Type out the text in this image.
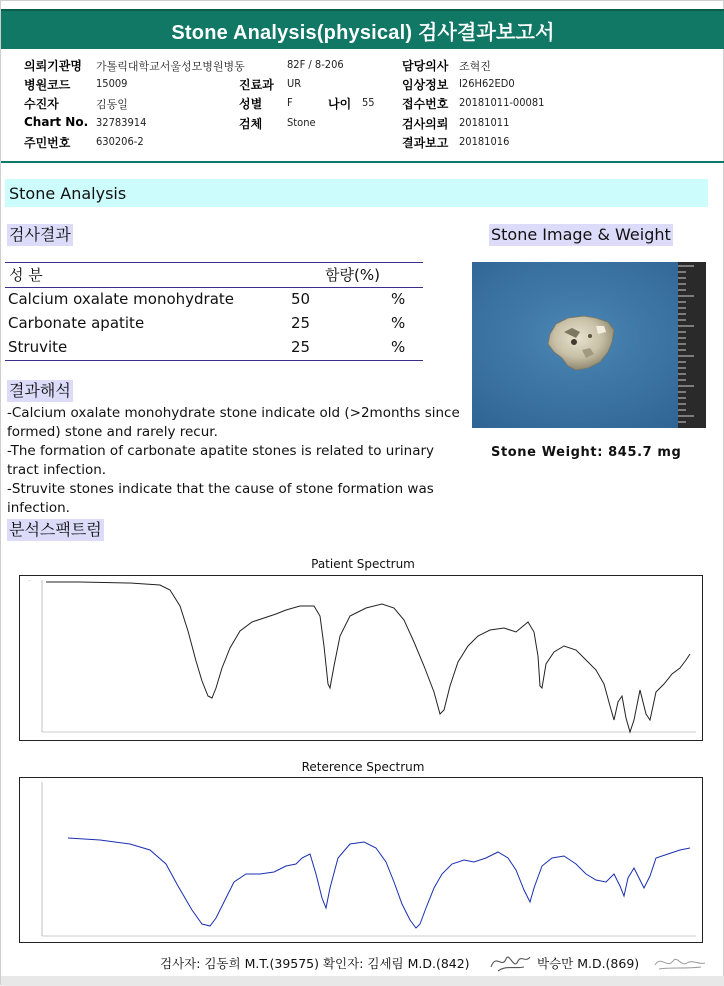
Stone Analysis(physical) 검사결과보고서
의뢰기관명 가톨릭대학교서울성모병원병동	82F / 8-206	담당의사 조혁진
병원코드 15009	진료과 UR	임상정보 I26H62ED0
수진자	김동일	성별 F	나이 55 접수번호 20181011-00081
Chart No. 32783914	검체 Stone	검사의뢰 20181011
주민번호 630206-2	결과보고 20181016
Stone Analysis
검사결과	Stone Image & Weight
성 분	함량(%)
Calcium oxalate monohydrate	50	%
Carbonate apatite	25	%
Struvite	25	%
결과해석
-Calcium oxalate monohydrate stone indicate old (>2months since formed) stone and rarely recur.
-The formation of carbonate apatite stones is related to urinary tract infection.
-Struvite stones indicate that the cause of stone formation was infection.
Stone Weight: 845.7 mg
분석스팩트럼
Patient Spectrum
~
Reterence Spectrum
검사자: 김동희 M.T.(39575) 확인자: 김세림 M.D.(842)	박승만 M.D.(869)
